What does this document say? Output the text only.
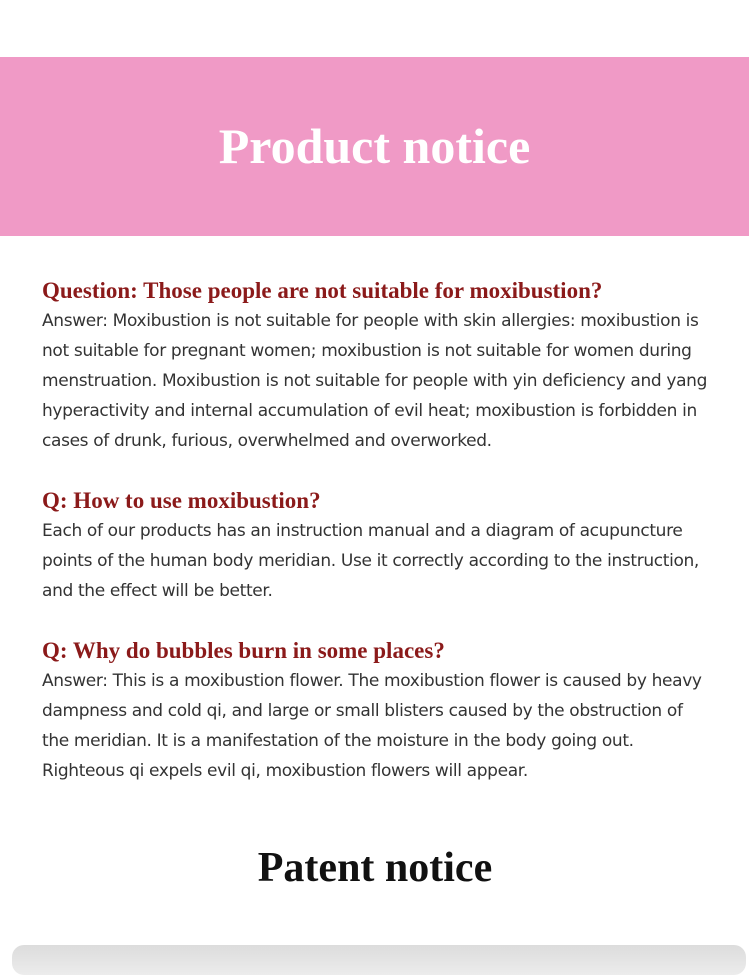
Product notice

Question: Those people are not suitable for moxibustion?

Answer: Moxibustion is not suitable for people with skin allergies: moxibustion is not suitable for pregnant women; moxibustion is not suitable for women during menstruation. Moxibustion is not suitable for people with yin deficiency and yang hyperactivity and internal accumulation of evil heat; moxibustion is forbidden in cases of drunk, furious, overwhelmed and overworked.

Q: How to use moxibustion?

Each of our products has an instruction manual and a diagram of acupuncture points of the human body meridian. Use it correctly according to the instruction, and the effect will be better.

Q: Why do bubbles burn in some places?

Answer: This is a moxibustion flower. The moxibustion flower is caused by heavy dampness and cold qi, and large or small blisters caused by the obstruction of the meridian. It is a manifestation of the moisture in the body going out. Righteous qi expels evil qi, moxibustion flowers will appear.

Patent notice
